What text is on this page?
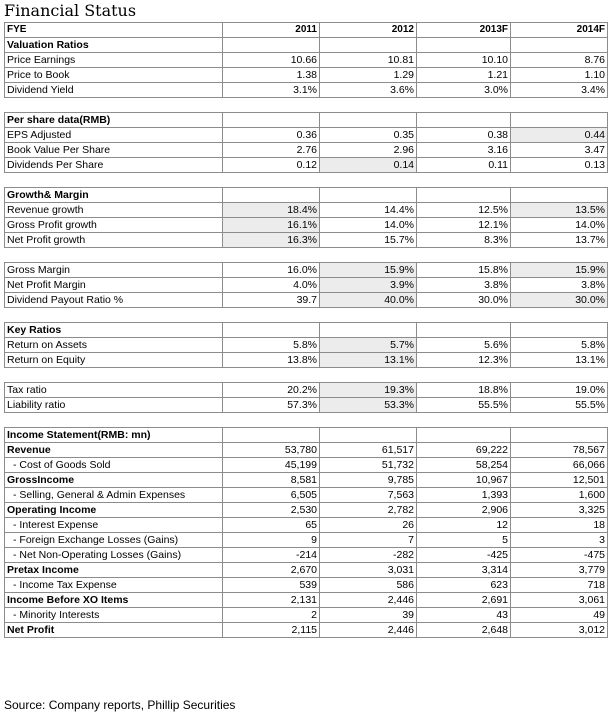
Financial Status
FYE	2011	2012	2013F	2014F
Valuation Ratios				
Price Earnings	10.66	10.81	10.10	8.76
Price to Book	1.38	1.29	1.21	1.10
Dividend Yield	3.1%	3.6%	3.0%	3.4%

Per share data(RMB)				
EPS Adjusted	0.36	0.35	0.38	0.44
Book Value Per Share	2.76	2.96	3.16	3.47
Dividends Per Share	0.12	0.14	0.11	0.13

Growth& Margin				
Revenue growth	18.4%	14.4%	12.5%	13.5%
Gross Profit growth	16.1%	14.0%	12.1%	14.0%
Net Profit growth	16.3%	15.7%	8.3%	13.7%

Gross Margin	16.0%	15.9%	15.8%	15.9%
Net Profit Margin	4.0%	3.9%	3.8%	3.8%
Dividend Payout Ratio %	39.7	40.0%	30.0%	30.0%

Key Ratios				
Return on Assets	5.8%	5.7%	5.6%	5.8%
Return on Equity	13.8%	13.1%	12.3%	13.1%

Tax ratio	20.2%	19.3%	18.8%	19.0%
Liability ratio	57.3%	53.3%	55.5%	55.5%

Income Statement(RMB: mn)				
Revenue	53,780	61,517	69,222	78,567
- Cost of Goods Sold	45,199	51,732	58,254	66,066
GrossIncome	8,581	9,785	10,967	12,501
- Selling, General & Admin Expenses	6,505	7,563	1,393	1,600
Operating Income	2,530	2,782	2,906	3,325
- Interest Expense	65	26	12	18
- Foreign Exchange Losses (Gains)	9	7	5	3
- Net Non-Operating Losses (Gains)	-214	-282	-425	-475
Pretax Income	2,670	3,031	3,314	3,779
- Income Tax Expense	539	586	623	718
Income Before XO Items	2,131	2,446	2,691	3,061
- Minority Interests	2	39	43	49
Net Profit	2,115	2,446	2,648	3,012
Source: Company reports, Phillip Securities
